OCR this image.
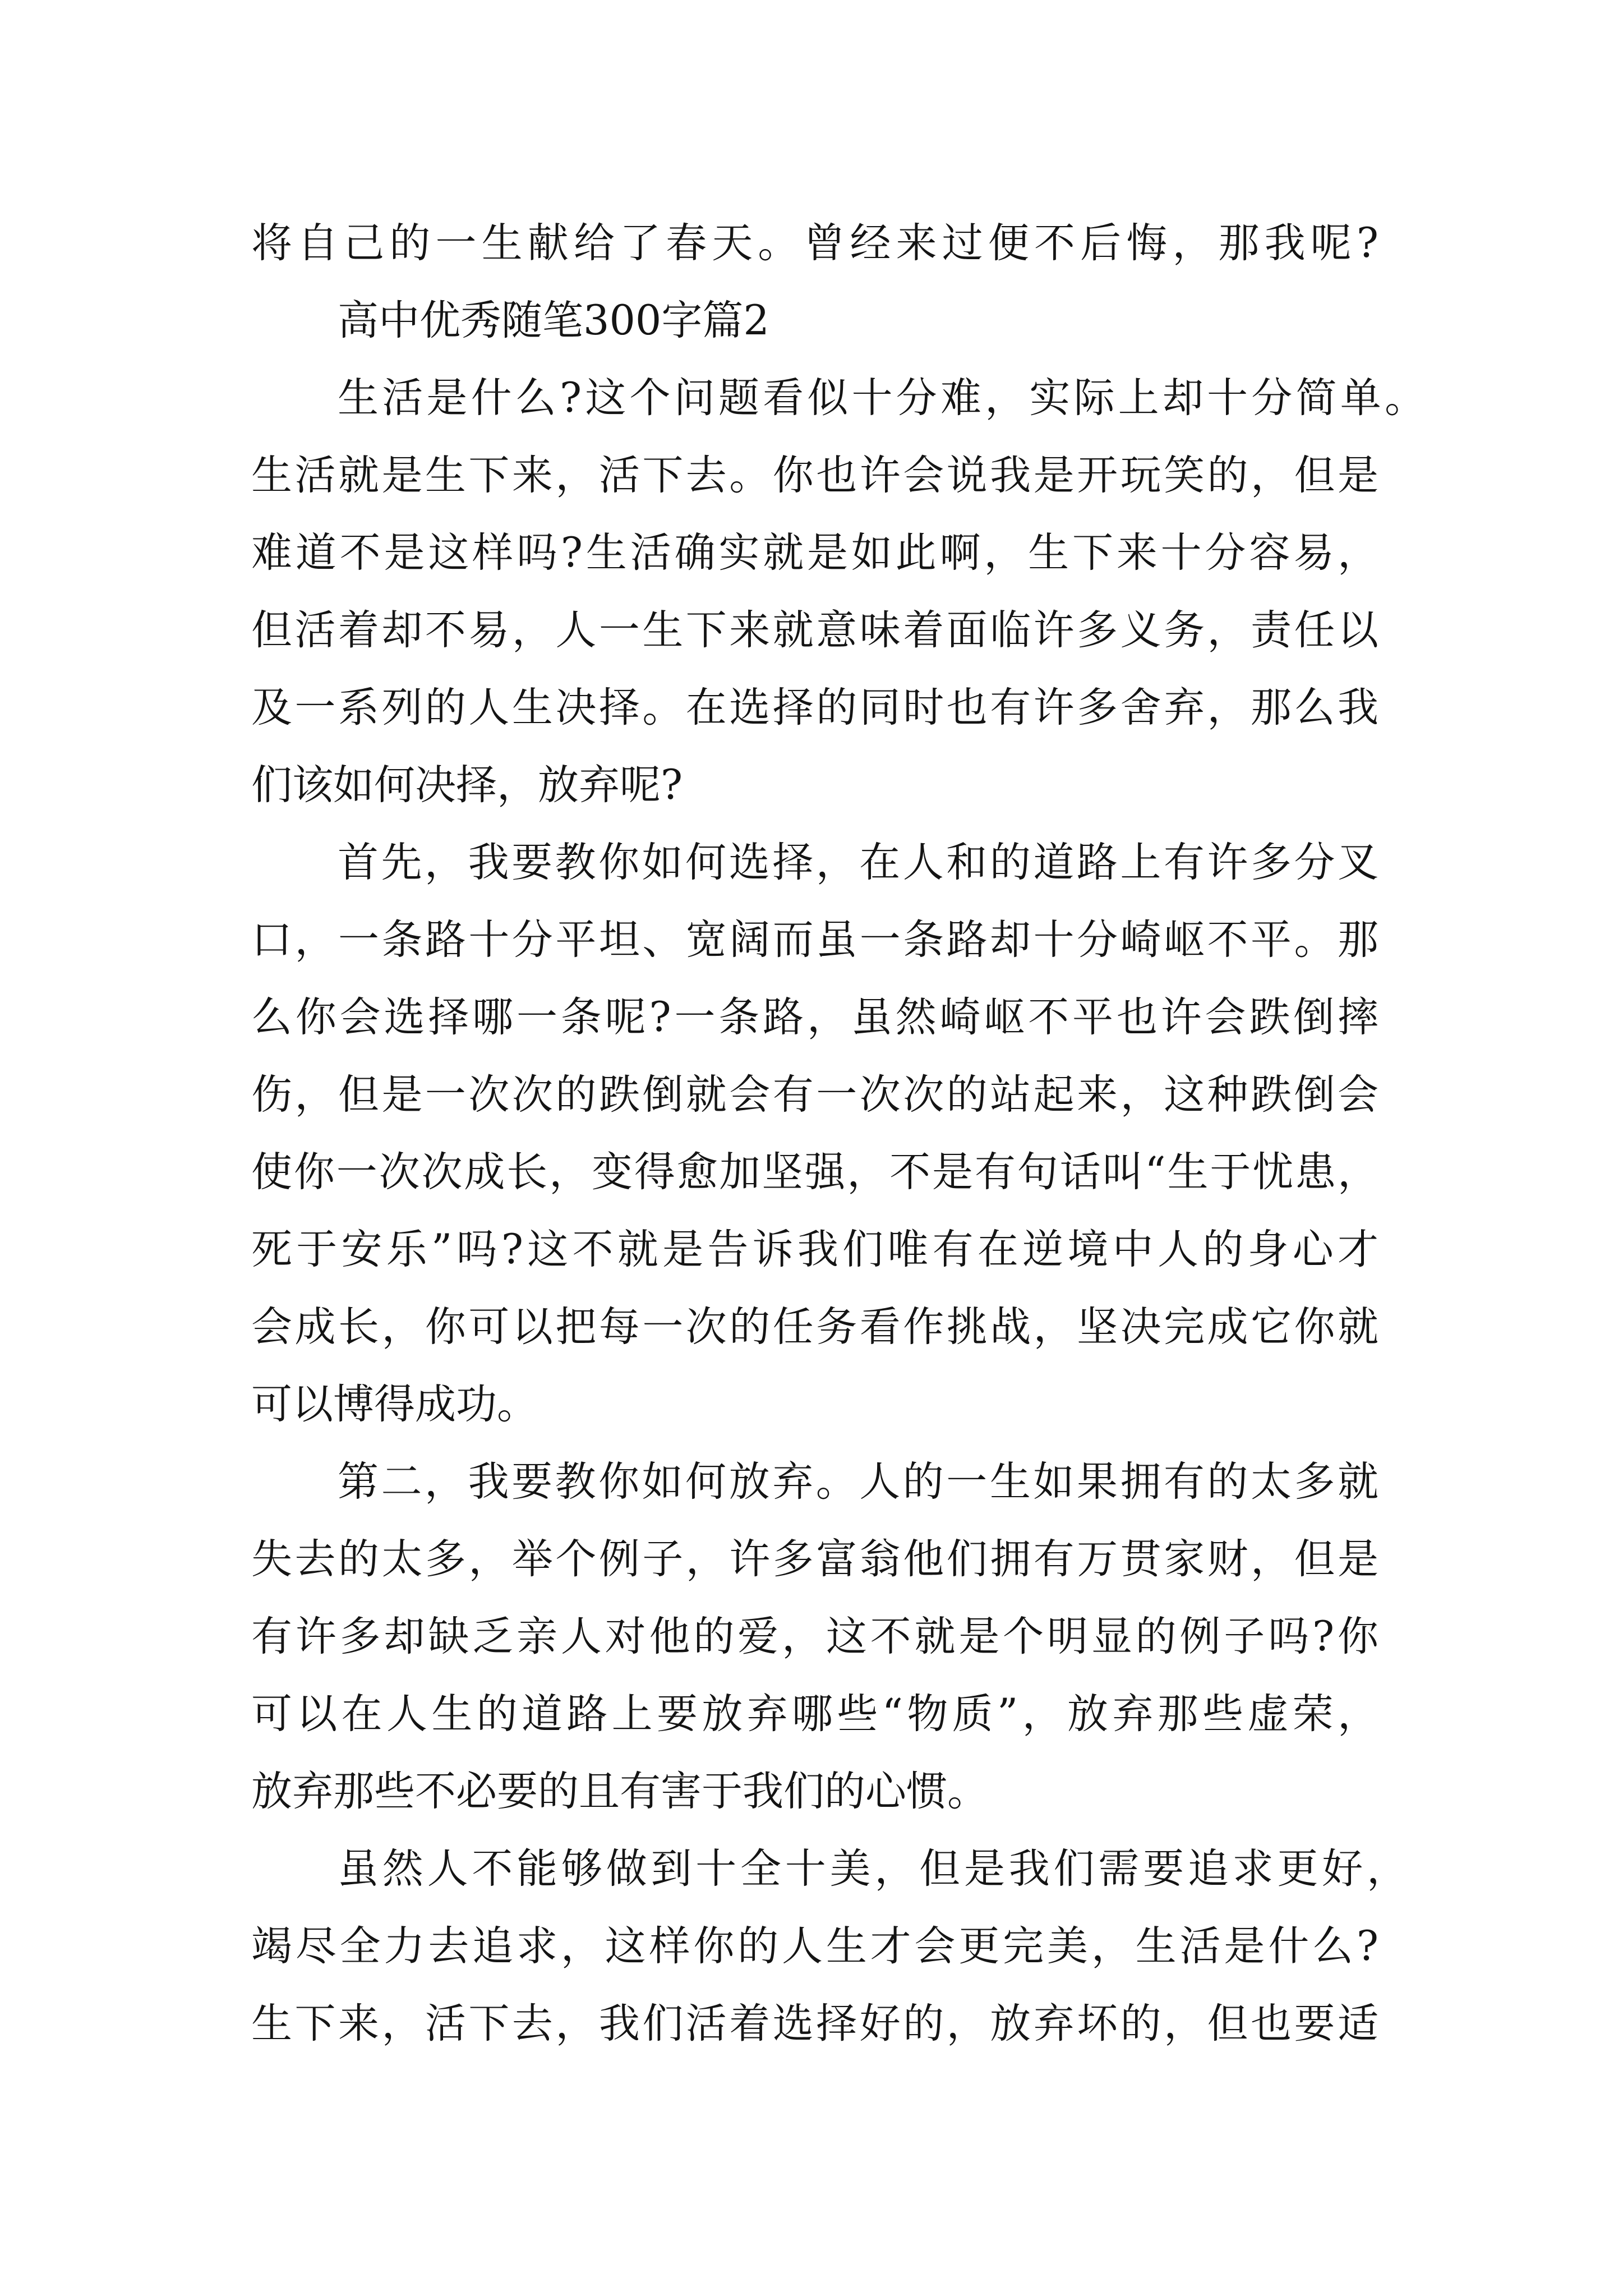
将自己的一生献给了春天。曾经来过便不后悔，那我呢?
高中优秀随笔300字篇2
生活是什么?这个问题看似十分难，实际上却十分简单。
生活就是生下来，活下去。你也许会说我是开玩笑的，但是
难道不是这样吗?生活确实就是如此啊，生下来十分容易，
但活着却不易，人一生下来就意味着面临许多义务，责任以
及一系列的人生决择。在选择的同时也有许多舍弃，那么我
们该如何决择，放弃呢?
首先，我要教你如何选择，在人和的道路上有许多分叉
口，一条路十分平坦、宽阔而虽一条路却十分崎岖不平。那
么你会选择哪一条呢?一条路，虽然崎岖不平也许会跌倒摔
伤，但是一次次的跌倒就会有一次次的站起来，这种跌倒会
使你一次次成长，变得愈加坚强，不是有句话叫“生于忧患，
死于安乐”吗?这不就是告诉我们唯有在逆境中人的身心才
会成长，你可以把每一次的任务看作挑战，坚决完成它你就
可以博得成功。
第二，我要教你如何放弃。人的一生如果拥有的太多就
失去的太多，举个例子，许多富翁他们拥有万贯家财，但是
有许多却缺乏亲人对他的爱，这不就是个明显的例子吗?你
可以在人生的道路上要放弃哪些“物质”，放弃那些虚荣，
放弃那些不必要的且有害于我们的心惯。
虽然人不能够做到十全十美，但是我们需要追求更好，
竭尽全力去追求，这样你的人生才会更完美，生活是什么?
生下来，活下去，我们活着选择好的，放弃坏的，但也要适
